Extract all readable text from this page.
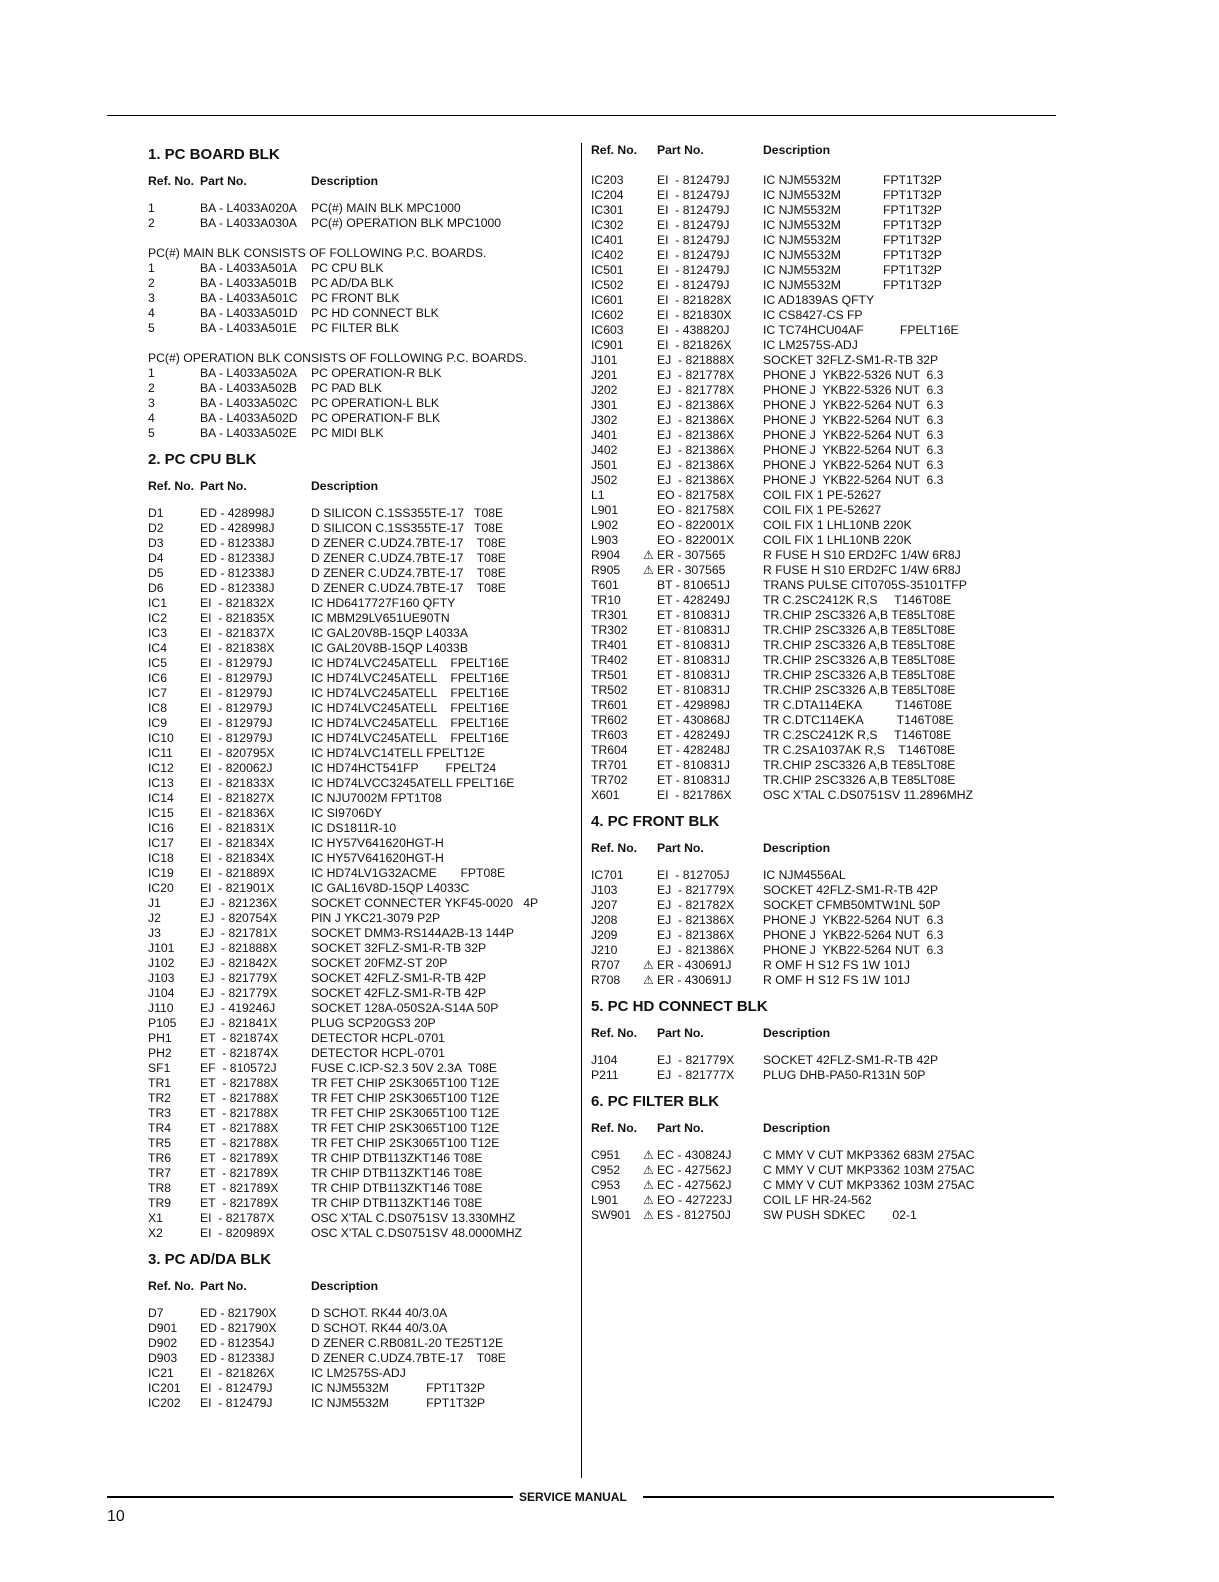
1. PC BOARD BLK
Ref. No. Part No.	Description
1	BA - L4033A020A PC(#) MAIN BLK MPC1000
2	BA - L4033A030A PC(#) OPERATION BLK MPC1000
PC(#) MAIN BLK CONSISTS OF FOLLOWING P.C. BOARDS.
1	BA - L4033A501A PC CPU BLK
2	BA - L4033A501B PC AD/DA BLK
3	BA - L4033A501C PC FRONT BLK
4	BA - L4033A501D PC HD CONNECT BLK
5	BA - L4033A501E PC FILTER BLK
PC(#) OPERATION BLK CONSISTS OF FOLLOWING P.C. BOARDS.
1	BA - L4033A502A PC OPERATION-R BLK
2	BA - L4033A502B PC PAD BLK
3	BA - L4033A502C PC OPERATION-L BLK
4	BA - L4033A502D PC OPERATION-F BLK
5	BA - L4033A502E PC MIDI BLK
2. PC CPU BLK
Ref. No. Part No.	Description
D1	ED - 428998J	D SILICON C.1SS355TE-17   T08E
D2	ED - 428998J	D SILICON C.1SS355TE-17   T08E
D3	ED - 812338J	D ZENER C.UDZ4.7BTE-17    T08E
D4	ED - 812338J	D ZENER C.UDZ4.7BTE-17    T08E
D5	ED - 812338J	D ZENER C.UDZ4.7BTE-17    T08E
D6	ED - 812338J	D ZENER C.UDZ4.7BTE-17    T08E
IC1	EI  - 821832X	IC HD6417727F160 QFTY
IC2	EI  - 821835X	IC MBM29LV651UE90TN
IC3	EI  - 821837X	IC GAL20V8B-15QP L4033A
IC4	EI  - 821838X	IC GAL20V8B-15QP L4033B
IC5	EI  - 812979J	IC HD74LVC245ATELL    FPELT16E
IC6	EI  - 812979J	IC HD74LVC245ATELL    FPELT16E
IC7	EI  - 812979J	IC HD74LVC245ATELL    FPELT16E
IC8	EI  - 812979J	IC HD74LVC245ATELL    FPELT16E
IC9	EI  - 812979J	IC HD74LVC245ATELL    FPELT16E
IC10 EI  - 812979J	IC HD74LVC245ATELL    FPELT16E
IC11 EI  - 820795X	IC HD74LVC14TELL FPELT12E
IC12 EI  - 820062J	IC HD74HCT541FP        FPELT24
IC13 EI  - 821833X	IC HD74LVCC3245ATELL FPELT16E
IC14 EI  - 821827X	IC NJU7002M FPT1T08
IC15 EI  - 821836X	IC SI9706DY
IC16 EI  - 821831X	IC DS1811R-10
IC17 EI  - 821834X	IC HY57V641620HGT-H
IC18 EI  - 821834X	IC HY57V641620HGT-H
IC19 EI  - 821889X	IC HD74LV1G32ACME       FPT08E
IC20 EI  - 821901X	IC GAL16V8D-15QP L4033C
J1	EJ  - 821236X	SOCKET CONNECTER YKF45-0020   4P
J2	EJ  - 820754X	PIN J YKC21-3079 P2P
J3	EJ  - 821781X	SOCKET DMM3-RS144A2B-13 144P
J101 EJ  - 821888X	SOCKET 32FLZ-SM1-R-TB 32P
J102 EJ  - 821842X	SOCKET 20FMZ-ST 20P
J103 EJ  - 821779X	SOCKET 42FLZ-SM1-R-TB 42P
J104 EJ  - 821779X	SOCKET 42FLZ-SM1-R-TB 42P
J110 EJ  - 419246J	SOCKET 128A-050S2A-S14A 50P
P105 EJ  - 821841X	PLUG SCP20GS3 20P
PH1 ET  - 821874X	DETECTOR HCPL-0701
PH2 ET  - 821874X	DETECTOR HCPL-0701
SF1 EF  - 810572J	FUSE C.ICP-S2.3 50V 2.3A  T08E
TR1 ET  - 821788X	TR FET CHIP 2SK3065T100 T12E
TR2 ET  - 821788X	TR FET CHIP 2SK3065T100 T12E
TR3 ET  - 821788X	TR FET CHIP 2SK3065T100 T12E
TR4 ET  - 821788X	TR FET CHIP 2SK3065T100 T12E
TR5 ET  - 821788X	TR FET CHIP 2SK3065T100 T12E
TR6 ET  - 821789X	TR CHIP DTB113ZKT146 T08E
TR7 ET  - 821789X	TR CHIP DTB113ZKT146 T08E
TR8 ET  - 821789X	TR CHIP DTB113ZKT146 T08E
TR9 ET  - 821789X	TR CHIP DTB113ZKT146 T08E
X1	EI  - 821787X	OSC X'TAL C.DS0751SV 13.330MHZ
X2	EI  - 820989X	OSC X'TAL C.DS0751SV 48.0000MHZ
3. PC AD/DA BLK
Ref. No. Part No.	Description
D7	ED - 821790X	D SCHOT. RK44 40/3.0A
D901 ED - 821790X	D SCHOT. RK44 40/3.0A
D902 ED - 812354J	D ZENER C.RB081L-20 TE25T12E
D903 ED - 812338J	D ZENER C.UDZ4.7BTE-17    T08E
IC21 EI  - 821826X	IC LM2575S-ADJ
IC201 EI  - 812479J	IC NJM5532M           FPT1T32P
IC202 EI  - 812479J	IC NJM5532M           FPT1T32P
Ref. No. Part No.	Description
IC203	EI  - 812479J	IC NJM5532M	FPT1T32P
IC204	EI  - 812479J	IC NJM5532M	FPT1T32P
IC301	EI  - 812479J	IC NJM5532M	FPT1T32P
IC302	EI  - 812479J	IC NJM5532M	FPT1T32P
IC401	EI  - 812479J	IC NJM5532M	FPT1T32P
IC402	EI  - 812479J	IC NJM5532M	FPT1T32P
IC501	EI  - 812479J	IC NJM5532M	FPT1T32P
IC502	EI  - 812479J	IC NJM5532M	FPT1T32P
IC601	EI  - 821828X	IC AD1839AS QFTY
IC602	EI  - 821830X	IC CS8427-CS FP
IC603	EI  - 438820J	IC TC74HCU04AF FPELT16E
IC901	EI  - 821826X	IC LM2575S-ADJ
J101	EJ  - 821888X SOCKET 32FLZ-SM1-R-TB 32P
J201	EJ  - 821778X PHONE J  YKB22-5326 NUT  6.3
J202	EJ  - 821778X PHONE J  YKB22-5326 NUT  6.3
J301	EJ  - 821386X PHONE J  YKB22-5264 NUT  6.3
J302	EJ  - 821386X PHONE J  YKB22-5264 NUT  6.3
J401	EJ  - 821386X PHONE J  YKB22-5264 NUT  6.3
J402	EJ  - 821386X PHONE J  YKB22-5264 NUT  6.3
J501	EJ  - 821386X PHONE J  YKB22-5264 NUT  6.3
J502	EJ  - 821386X PHONE J  YKB22-5264 NUT  6.3
L1	EO - 821758X COIL FIX 1 PE-52627
L901	EO - 821758X COIL FIX 1 PE-52627
L902	EO - 822001X COIL FIX 1 LHL10NB 220K
L903	EO - 822001X COIL FIX 1 LHL10NB 220K
R904 ⚠ ER - 307565	R FUSE H S10 ERD2FC 1/4W 6R8J
R905 ⚠ ER - 307565	R FUSE H S10 ERD2FC 1/4W 6R8J
T601	BT - 810651J	TRANS PULSE CIT0705S-35101TFP
TR10	ET - 428249J	TR C.2SC2412K R,S     T146T08E
TR301 ET - 810831J	TR.CHIP 2SC3326 A,B TE85LT08E
TR302 ET - 810831J	TR.CHIP 2SC3326 A,B TE85LT08E
TR401 ET - 810831J	TR.CHIP 2SC3326 A,B TE85LT08E
TR402 ET - 810831J	TR.CHIP 2SC3326 A,B TE85LT08E
TR501 ET - 810831J	TR.CHIP 2SC3326 A,B TE85LT08E
TR502 ET - 810831J	TR.CHIP 2SC3326 A,B TE85LT08E
TR601 ET - 429898J	TR C.DTA114EKA          T146T08E
TR602 ET - 430868J	TR C.DTC114EKA          T146T08E
TR603 ET - 428249J	TR C.2SC2412K R,S     T146T08E
TR604 ET - 428248J	TR C.2SA1037AK R,S    T146T08E
TR701 ET - 810831J	TR.CHIP 2SC3326 A,B TE85LT08E
TR702 ET - 810831J	TR.CHIP 2SC3326 A,B TE85LT08E
X601	EI  - 821786X	OSC X'TAL C.DS0751SV 11.2896MHZ
4. PC FRONT BLK
Ref. No. Part No.	Description
IC701	EI  - 812705J	IC NJM4556AL
J103	EJ  - 821779X SOCKET 42FLZ-SM1-R-TB 42P
J207	EJ  - 821782X SOCKET CFMB50MTW1NL 50P
J208	EJ  - 821386X PHONE J  YKB22-5264 NUT  6.3
J209	EJ  - 821386X PHONE J  YKB22-5264 NUT  6.3
J210	EJ  - 821386X PHONE J  YKB22-5264 NUT  6.3
R707 ⚠ ER - 430691J	R OMF H S12 FS 1W 101J
R708 ⚠ ER - 430691J	R OMF H S12 FS 1W 101J
5. PC HD CONNECT BLK
Ref. No. Part No.	Description
J104	EJ  - 821779X SOCKET 42FLZ-SM1-R-TB 42P
P211	EJ  - 821777X PLUG DHB-PA50-R131N 50P
6. PC FILTER BLK
Ref. No. Part No.	Description
C951 ⚠ EC - 430824J	C MMY V CUT MKP3362 683M 275AC
C952 ⚠ EC - 427562J	C MMY V CUT MKP3362 103M 275AC
C953 ⚠ EC - 427562J	C MMY V CUT MKP3362 103M 275AC
L901 ⚠ EO - 427223J	COIL LF HR-24-562
SW901 ⚠ ES - 812750J	SW PUSH SDKEC        02-1
SERVICE MANUAL
10
